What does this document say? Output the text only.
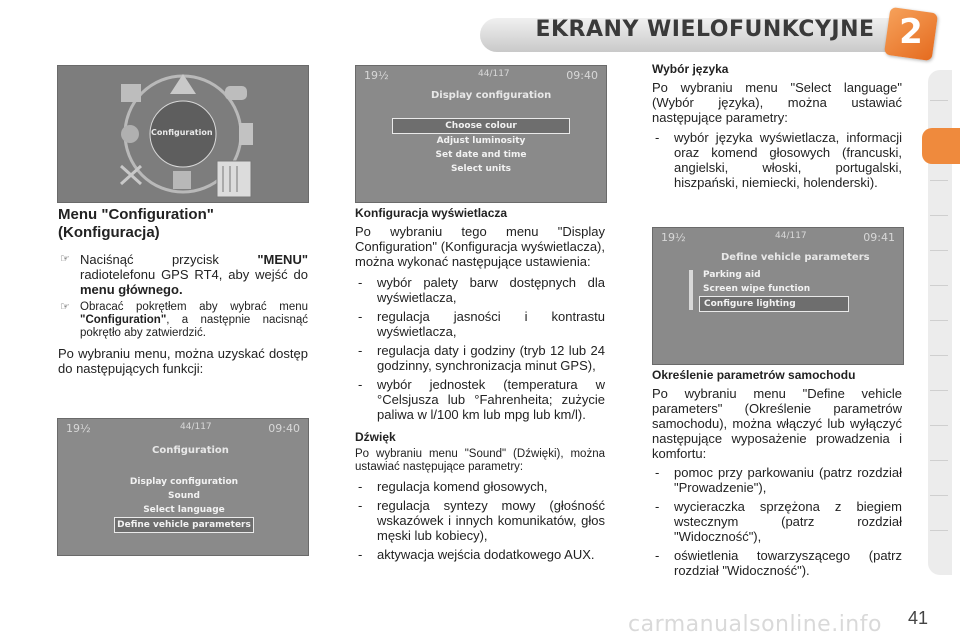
EKRANY WIELOFUNKCYJNE 2
Configuration
19½	44/117	09:40
Display configuration
Choose colour
Adjust luminosity
Set date and time
Select units
19½	44/117	09:40
Configuration
Display configuration
Sound
Select language
Define vehicle parameters
19½	44/117	09:41
Define vehicle parameters
Parking aid
Screen wipe function
Configure lighting
Menu "Configuration" (Konfiguracja)
☞ Naciśnąć przycisk "MENU" radiotelefonu GPS RT4, aby wejść do menu głównego.
☞ Obracać pokrętłem aby wybrać menu "Configuration", a następnie nacisnąć pokrętło aby zatwierdzić.
Po wybraniu menu, można uzyskać dostęp do następujących funkcji:
Konfiguracja wyświetlacza
Po wybraniu tego menu "Display Configuration" (Konfiguracja wyświetlacza), można wykonać następujące ustawienia:
- wybór palety barw dostępnych dla wyświetlacza,
- regulacja jasności i kontrastu wyświetlacza,
- regulacja daty i godziny (tryb 12 lub 24 godzinny, synchronizacja minut GPS),
- wybór jednostek (temperatura w °Celsjusza lub °Fahrenheita; zużycie paliwa w l/100 km lub mpg lub km/l).
Dźwięk
Po wybraniu menu "Sound" (Dźwięki), można ustawiać następujące parametry:
- regulacja komend głosowych,
- regulacja syntezy mowy (głośność wskazówek i innych komunikatów, głos męski lub kobiecy),
- aktywacja wejścia dodatkowego AUX.
Wybór języka
Po wybraniu menu "Select language" (Wybór języka), można ustawiać następujące parametry:
- wybór języka wyświetlacza, informacji oraz komend głosowych (francuski, angielski, włoski, portugalski, hiszpański, niemiecki, holenderski).
Określenie parametrów samochodu
Po wybraniu menu "Define vehicle parameters" (Określenie parametrów samochodu), można włączyć lub wyłączyć następujące wyposażenie prowadzenia i komfortu:
- pomoc przy parkowaniu (patrz rozdział "Prowadzenie"),
- wycieraczka sprzężona z biegiem wstecznym (patrz rozdział "Widoczność"),
- oświetlenia towarzyszącego (patrz rozdział "Widoczność").
carmanualsonline.info 41
